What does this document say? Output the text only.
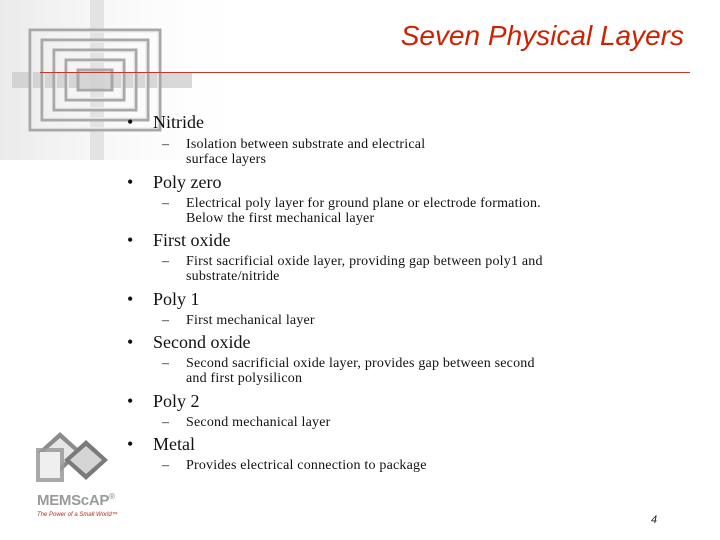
Seven Physical Layers
• Nitride
– Isolation between substrate and electrical
surface layers
• Poly zero
– Electrical poly layer for ground plane or electrode formation.
Below the first mechanical layer
• First oxide
– First sacrificial oxide layer, providing gap between poly1 and
substrate/nitride
• Poly 1
– First mechanical layer
• Second oxide
– Second sacrificial oxide layer, provides gap between second
and first polysilicon
• Poly 2
– Second mechanical layer
• Metal
– Provides electrical connection to package
MEMScAP®
The Power of a Small World™	4
